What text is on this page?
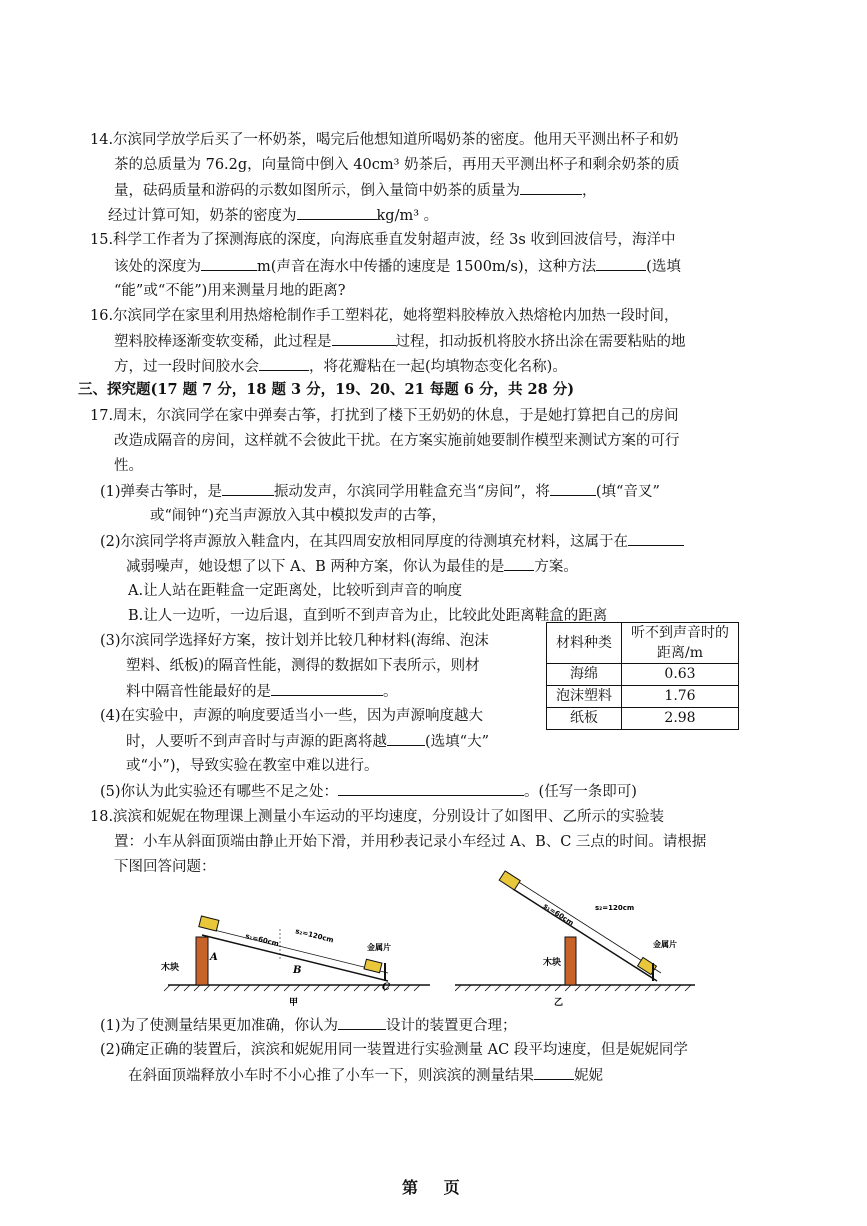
14.尔滨同学放学后买了一杯奶茶，喝完后他想知道所喝奶茶的密度。他用天平测出杯子和奶
茶的总质量为 76.2g，向量筒中倒入 40cm³ 奶茶后，再用天平测出杯子和剩余奶茶的质
量，砝码质量和游码的示数如图所示，倒入量筒中奶茶的质量为	，
经过计算可知，奶茶的密度为	kg/m³ 。
15.科学工作者为了探测海底的深度，向海底垂直发射超声波，经 3s 收到回波信号，海洋中
该处的深度为	m(声音在海水中传播的速度是 1500m/s)，这种方法	(选填
“能”或“不能”)用来测量月地的距离?
16.尔滨同学在家里利用热熔枪制作手工塑料花，她将塑料胶棒放入热熔枪内加热一段时间，
塑料胶棒逐渐变软变稀，此过程是	过程，扣动扳机将胶水挤出涂在需要粘贴的地
方，过一段时间胶水会	，将花瓣粘在一起(均填物态变化名称)。
三、探究题(17 题 7 分，18 题 3 分，19、20、21 每题 6 分，共 28 分)
17.周末，尔滨同学在家中弹奏古筝，打扰到了楼下王奶奶的休息，于是她打算把自己的房间
改造成隔音的房间，这样就不会彼此干扰。在方案实施前她要制作模型来测试方案的可行
性。
(1)弹奏古筝时，是	振动发声，尔滨同学用鞋盒充当“房间”，将	(填“音叉”
或“闹钟“)充当声源放入其中模拟发声的古筝，
(2)尔滨同学将声源放入鞋盒内，在其四周安放相同厚度的待测填充材料，这属于在
减弱噪声，她设想了以下 A、B 两种方案，你认为最佳的是 方案。
A.让人站在距鞋盒一定距离处，比较听到声音的响度
B.让人一边听，一边后退，直到听不到声音为止，比较此处距离鞋盒的距离
(3)尔滨同学选择好方案，按计划并比较几种材料(海绵、泡沫
塑料、纸板)的隔音性能，测得的数据如下表所示，则材
料中隔音性能最好的是	。
(4)在实验中，声源的响度要适当小一些，因为声源响度越大
时，人要听不到声音时与声源的距离将越	(选填“大”
或“小”)，导致实验在教室中难以进行。
(5)你认为此实验还有哪些不足之处：	。(任写一条即可)
材料种类	听不到声音时的
距离/m
海绵	0.63
泡沫塑料	1.76
纸板	2.98
18.滨滨和妮妮在物理课上测量小车运动的平均速度，分别设计了如图甲、乙所示的实验装
置：小车从斜面顶端由静止开始下滑，并用秒表记录小车经过 A、B、C 三点的时间。请根据
下图回答问题：
木块
A
B
C
s₁=60cm s₂=120cm
金属片
甲
木块
s₁=60cm	s₂=120cm
金属片
乙
(1)为了使测量结果更加准确，你认为	设计的装置更合理；
(2)确定正确的装置后，滨滨和妮妮用同一装置进行实验测量 AC 段平均速度，但是妮妮同学
在斜面顶端释放小车时不小心推了小车一下，则滨滨的测量结果	妮妮
第 页
